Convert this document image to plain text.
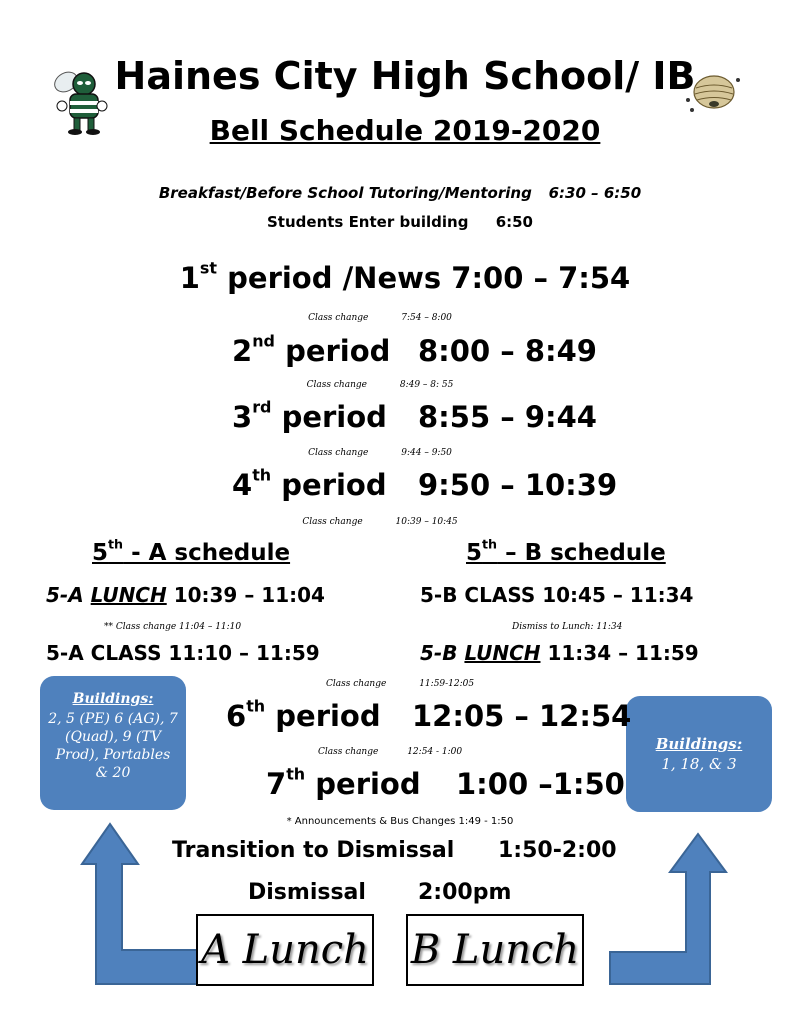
Haines City High School/ IB
Bell Schedule 2019-2020
Breakfast/Before School Tutoring/Mentoring 6:30 – 6:50
Students Enter building 6:50
1st period /News 7:00 – 7:54
Class change	7:54 – 8:00
2nd period 8:00 – 8:49
Class change	8:49 – 8: 55
3rd period 8:55 – 9:44
Class change	9:44 – 9:50
4th period 9:50 – 10:39
Class change	10:39 – 10:45
5th - A schedule	5th – B schedule
5-A LUNCH 10:39 – 11:04	5-B CLASS 10:45 – 11:34
** Class change 11:04 – 11:10	Dismiss to Lunch: 11:34
5-A CLASS 11:10 – 11:59	5-B LUNCH 11:34 – 11:59
Class change	11:59-12:05
Buildings:
2, 5 (PE) 6 (AG), 7 (Quad), 9 (TV Prod), Portables & 20
Buildings:
1, 18, & 3
6th period 12:05 – 12:54
Class change	12:54 - 1:00
7th period 1:00 –1:50
* Announcements & Bus Changes 1:49 - 1:50
Transition to Dismissal 1:50-2:00
Dismissal 2:00pm
A Lunch B Lunch
